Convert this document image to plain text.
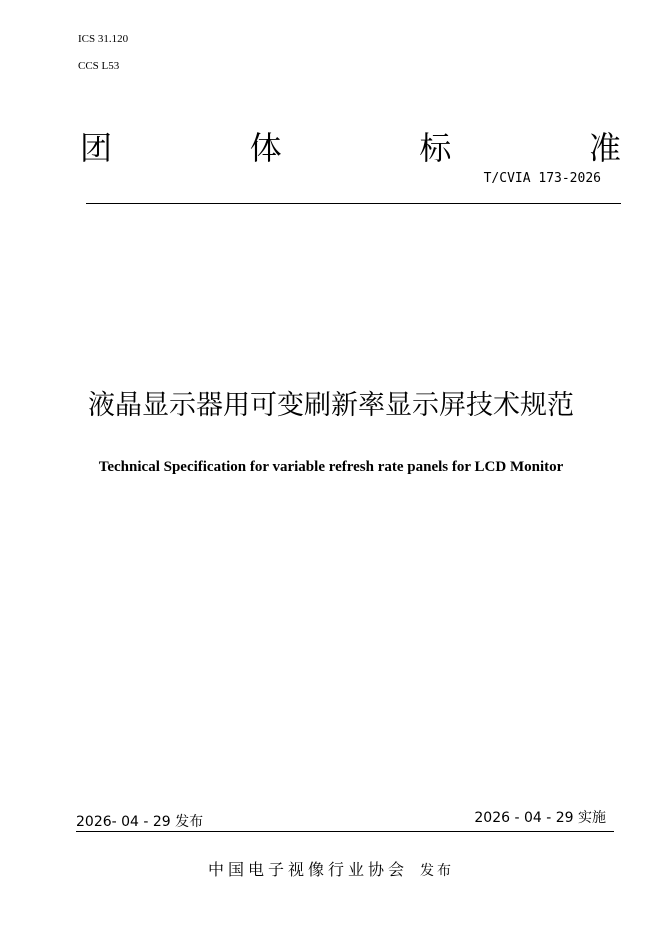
ICS 31.120
CCS L53
团	体	标	准
T/CVIA 173-2026
液晶显示器用可变刷新率显示屏技术规范
Technical Specification for variable refresh rate panels for LCD Monitor
2026- 04 - 29 发布	2026 - 04 - 29 实施
中国电子视像行业协会 发布
